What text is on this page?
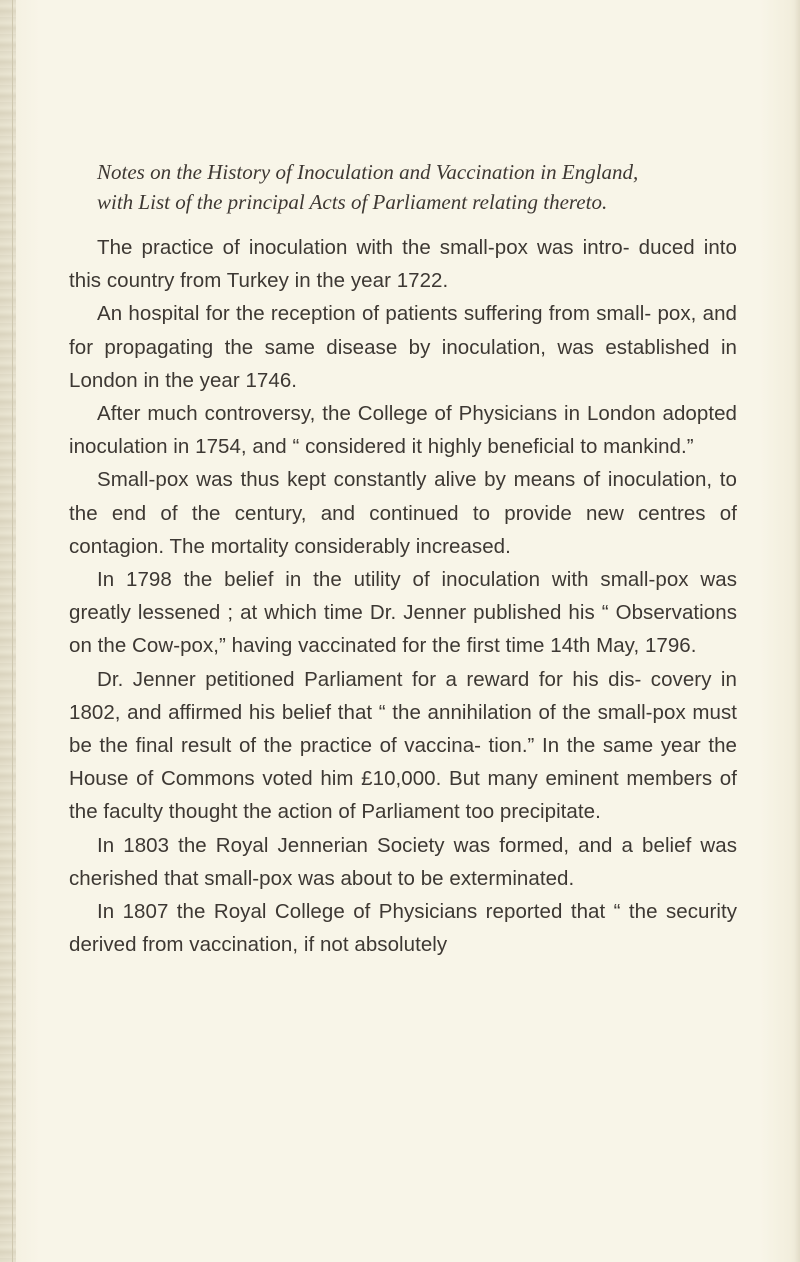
Notes on the History of Inoculation and Vaccination in England,
with List of the principal Acts of Parliament relating thereto.

The practice of inoculation with the small-pox was intro- duced into this country from Turkey in the year 1722.

An hospital for the reception of patients suffering from small- pox, and for propagating the same disease by inoculation, was established in London in the year 1746.

After much controversy, the College of Physicians in London adopted inoculation in 1754, and “ considered it highly beneficial to mankind.”

Small-pox was thus kept constantly alive by means of inoculation, to the end of the century, and continued to provide new centres of contagion. The mortality considerably increased.

In 1798 the belief in the utility of inoculation with small-pox was greatly lessened ; at which time Dr. Jenner published his “ Observations on the Cow-pox,” having vaccinated for the first time 14th May, 1796.

Dr. Jenner petitioned Parliament for a reward for his dis- covery in 1802, and affirmed his belief that “ the annihilation of the small-pox must be the final result of the practice of vaccina- tion.” In the same year the House of Commons voted him £10,000. But many eminent members of the faculty thought the action of Parliament too precipitate.

In 1803 the Royal Jennerian Society was formed, and a belief was cherished that small-pox was about to be exterminated.

In 1807 the Royal College of Physicians reported that “ the security derived from vaccination, if not absolutely
